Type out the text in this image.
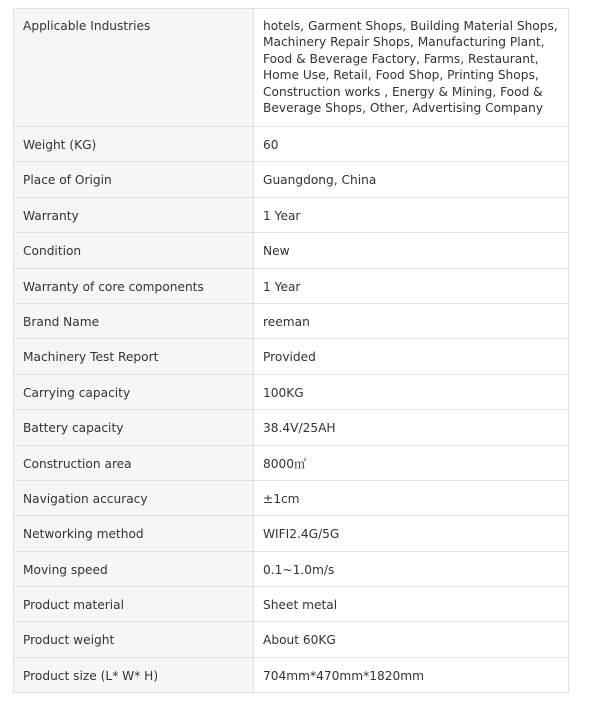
Applicable Industries	hotels, Garment Shops, Building Material Shops, Machinery Repair Shops, Manufacturing Plant, Food & Beverage Factory, Farms, Restaurant, Home Use, Retail, Food Shop, Printing Shops, Construction works , Energy & Mining, Food & Beverage Shops, Other, Advertising Company
Weight (KG)	60
Place of Origin	Guangdong, China
Warranty	1 Year
Condition	New
Warranty of core components	1 Year
Brand Name	reeman
Machinery Test Report	Provided
Carrying capacity	100KG
Battery capacity	38.4V/25AH
Construction area	8000㎡
Navigation accuracy	±1cm
Networking method	WIFI2.4G/5G
Moving speed	0.1~1.0m/s
Product material	Sheet metal
Product weight	About 60KG
Product size (L* W* H)	704mm*470mm*1820mm
